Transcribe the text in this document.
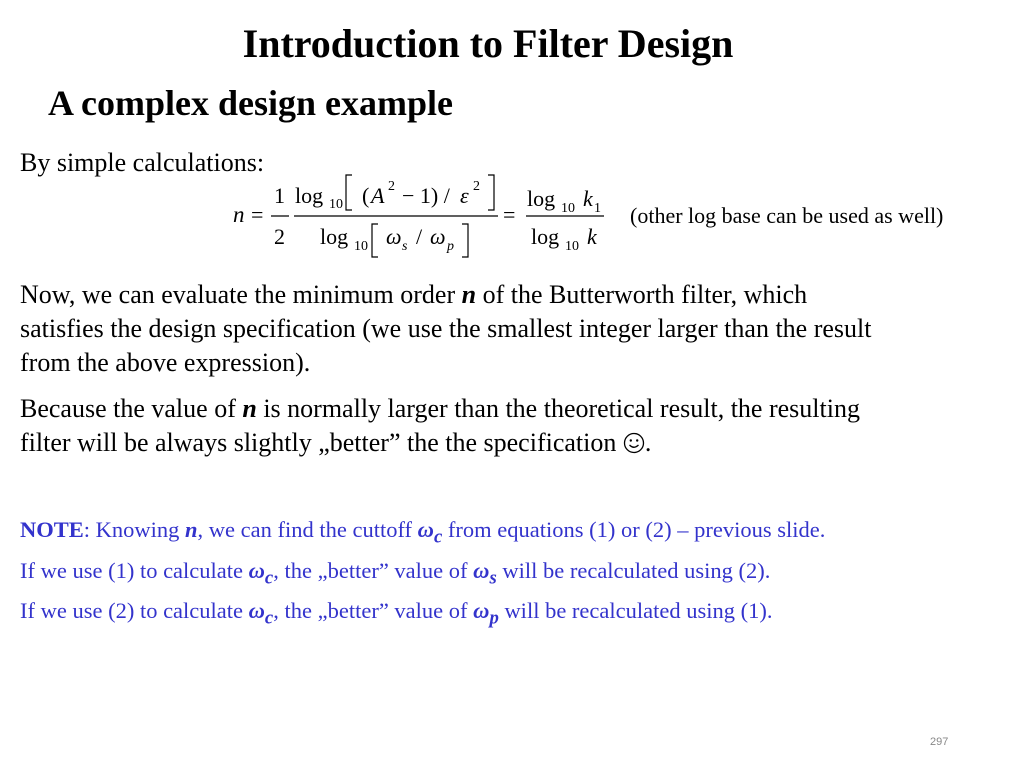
Introduction to Filter Design
A complex design example
By simple calculations:
n =
1
2
log 10 ( A 2 − 1) / ε 2
log 10 ω s / ω p
=
log 10 k 1
log 10 k
(other log base can be used as well)
Now, we can evaluate the minimum order n of the Butterworth filter, which
satisfies the design specification (we use the smallest integer larger than the result
from the above expression).
Because the value of n is normally larger than the theoretical result, the resulting
filter will be always slightly „better” the the specification .
NOTE: Knowing n, we can find the cuttoff $\omega_c$ from equations (1) or (2) – previous slide.
If we use (1) to calculate $\omega_c$, the „better” value of $\omega_s$ will be recalculated using (2).
If we use (2) to calculate $\omega_c$, the „better” value of $\omega_p$ will be recalculated using (1).
297
